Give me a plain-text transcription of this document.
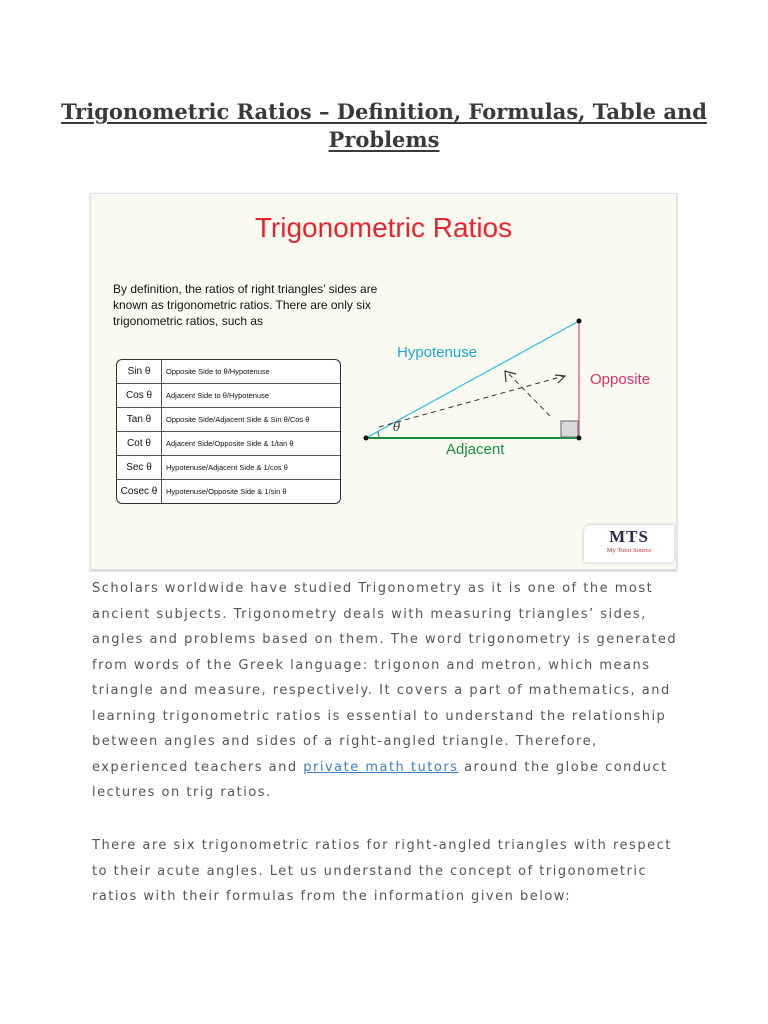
Trigonometric Ratios – Definition, Formulas, Table and Problems
Trigonometric Ratios

By definition, the ratios of right triangles’ sides are known as trigonometric ratios. There are only six trigonometric ratios, such as

Sin θ	Opposite Side to θ/Hypotenuse
Cos θ	Adjacent Side to θ/Hypotenuse
Tan θ	Opposite Side/Adjacent Side & Sin θ/Cos θ
Cot θ	Adjacent Side/Opposite Side & 1/tan θ
Sec θ	Hypotenuse/Adjacent Side & 1/cos θ
Cosec θ	Hypotenuse/Opposite Side & 1/sin θ
Hypotenuse
Opposite
Adjacent
θ
MTS
My Tutor Source

Scholars worldwide have studied Trigonometry as it is one of the most ancient subjects. Trigonometry deals with measuring triangles’ sides, angles and problems based on them. The word trigonometry is generated from words of the Greek language: trigonon and metron, which means triangle and measure, respectively. It covers a part of mathematics, and learning trigonometric ratios is essential to understand the relationship between angles and sides of a right-angled triangle. Therefore, experienced teachers and private math tutors around the globe conduct lectures on trig ratios.

There are six trigonometric ratios for right-angled triangles with respect to their acute angles. Let us understand the concept of trigonometric ratios with their formulas from the information given below:
